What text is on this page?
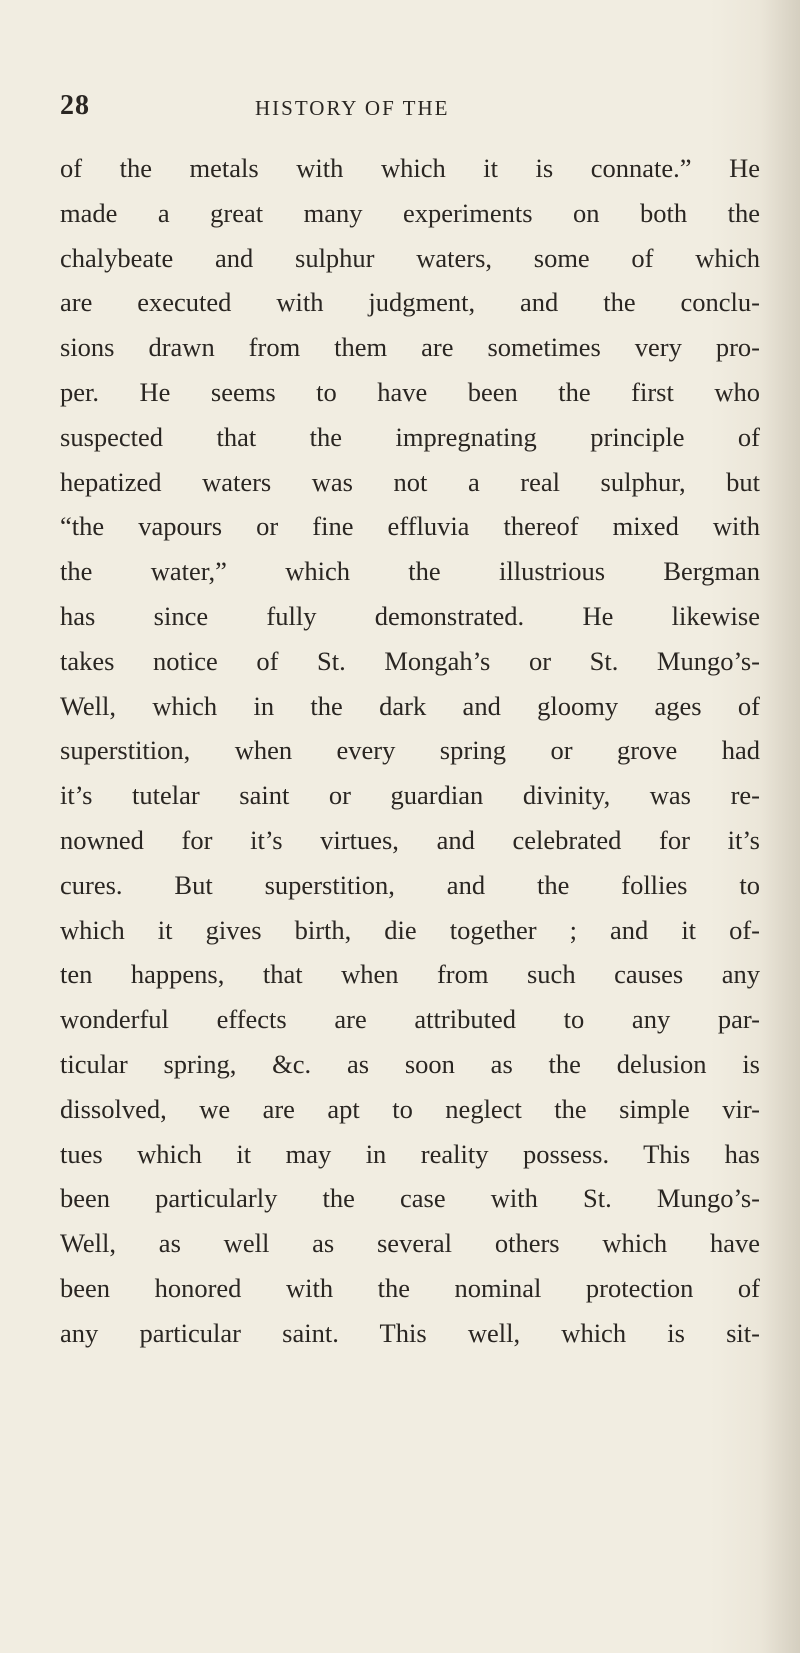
28	HISTORY OF THE
of the metals with which it is connate.” He
made a great many experiments on both the
chalybeate and sulphur waters, some of which
are executed with judgment, and the conclu-
sions drawn from them are sometimes very pro-
per. He seems to have been the first who
suspected that the impregnating principle of
hepatized waters was not a real sulphur, but
“the vapours or fine effluvia thereof mixed with
the water,” which the illustrious Bergman
has since fully demonstrated. He likewise
takes notice of St. Mongah’s or St. Mungo’s-
Well, which in the dark and gloomy ages of
superstition, when every spring or grove had
it’s tutelar saint or guardian divinity, was re-
nowned for it’s virtues, and celebrated for it’s
cures. But superstition, and the follies to
which it gives birth, die together ; and it of-
ten happens, that when from such causes any
wonderful effects are attributed to any par-
ticular spring, &c. as soon as the delusion is
dissolved, we are apt to neglect the simple vir-
tues which it may in reality possess. This has
been particularly the case with St. Mungo’s-
Well, as well as several others which have
been honored with the nominal protection of
any particular saint. This well, which is sit-
